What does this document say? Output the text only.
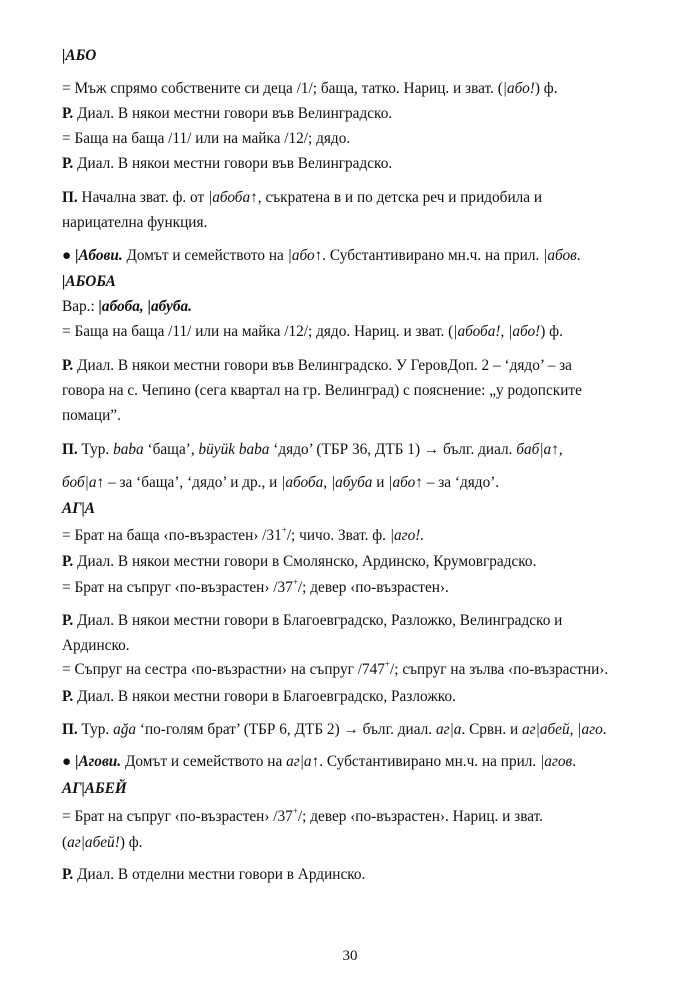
|АБО
= Мъж спрямо собствените си деца /1/; баща, татко. Нариц. и зват. (|або!) ф.
Р. Диал. В някои местни говори във Велинградско.
= Баща на баща /11/ или на майка /12/; дядо.
Р. Диал. В някои местни говори във Велинградско.
П. Начална зват. ф. от |абоба↑, съкратена в и по детска реч и придобила и
нарицателна функция.
● |Абови. Домът и семейството на |або↑. Субстантивирано мн.ч. на прил. |абов.
|АБОБА
Вар.: |абоба, |абуба.
= Баща на баща /11/ или на майка /12/; дядо. Нариц. и зват. (|абоба!, |або!) ф.
Р. Диал. В някои местни говори във Велинградско. У ГеровДоп. 2 – ‘дядо’ – за
говора на с. Чепино (сега квартал на гр. Велинград) с пояснение: „у родопските
помаци”.
П. Тур. baba ‘баща’, büyük baba ‘дядо’ (ТБР 36, ДТБ 1) → бълг. диал. баб|а↑,
боб|а↑ – за ‘баща’, ‘дядо’ и др., и |абоба, |абуба и |або↑ – за ‘дядо’.
АГ|А
= Брат на баща ‹по-възрастен› /31+/; чичо. Зват. ф. |аго!.
Р. Диал. В някои местни говори в Смолянско, Ардинско, Крумовградско.
= Брат на съпруг ‹по-възрастен› /37+/; девер ‹по-възрастен›.
Р. Диал. В някои местни говори в Благоевградско, Разложко, Велинградско и
Ардинско.
= Съпруг на сестра ‹по-възрастни› на съпруг /747+/; съпруг на зълва ‹по-възрастни›.
Р. Диал. В някои местни говори в Благоевградско, Разложко.
П. Тур. ağa ‘по-голям брат’ (ТБР 6, ДТБ 2) → бълг. диал. аг|а. Срвн. и аг|абей, |аго.
● |Агови. Домът и семейството на аг|а↑. Субстантивирано мн.ч. на прил. |агов.
АГ|АБЕЙ
= Брат на съпруг ‹по-възрастен› /37+/; девер ‹по-възрастен›. Нариц. и зват.
(аг|абей!) ф.
Р. Диал. В отделни местни говори в Ардинско.
30
